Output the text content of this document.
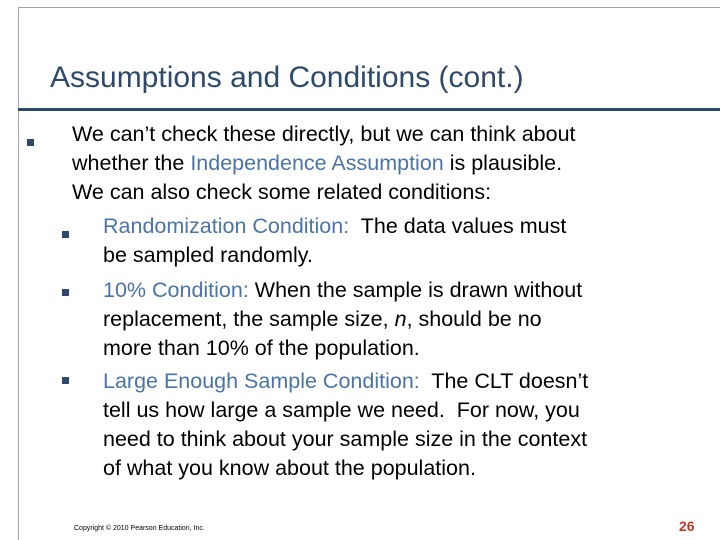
Assumptions and Conditions (cont.)
We can’t check these directly, but we can think about
whether the Independence Assumption is plausible.
We can also check some related conditions:
Randomization Condition:  The data values must
be sampled randomly.
10% Condition: When the sample is drawn without
replacement, the sample size, n, should be no
more than 10% of the population.
Large Enough Sample Condition:  The CLT doesn’t
tell us how large a sample we need.  For now, you
need to think about your sample size in the context
of what you know about the population.
Copyright © 2010 Pearson Education, Inc.	26
